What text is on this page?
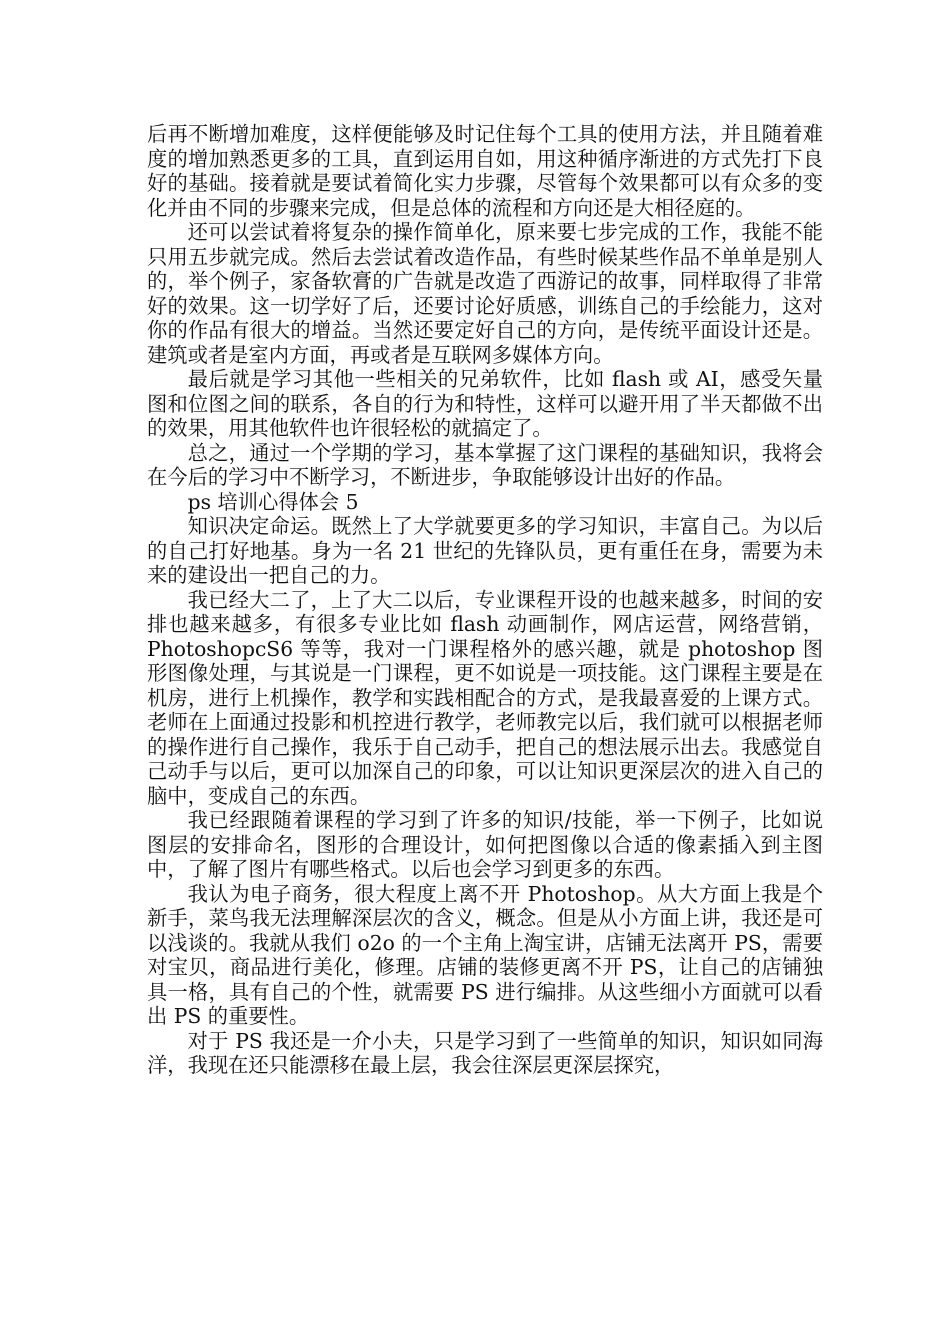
后再不断增加难度，这样便能够及时记住每个工具的使用方法，并且随着难度的增加熟悉更多的工具，直到运用自如，用这种循序渐进的方式先打下良好的基础。接着就是要试着简化实力步骤，尽管每个效果都可以有众多的变化并由不同的步骤来完成，但是总体的流程和方向还是大相径庭的。

还可以尝试着将复杂的操作简单化，原来要七步完成的工作，我能不能只用五步就完成。然后去尝试着改造作品，有些时候某些作品不单单是别人的，举个例子，家备软膏的广告就是改造了西游记的故事，同样取得了非常好的效果。这一切学好了后，还要讨论好质感，训练自己的手绘能力，这对你的作品有很大的增益。当然还要定好自己的方向，是传统平面设计还是。建筑或者是室内方面，再或者是互联网多媒体方向。

最后就是学习其他一些相关的兄弟软件，比如 flash 或 AI，感受矢量图和位图之间的联系，各自的行为和特性，这样可以避开用了半天都做不出的效果，用其他软件也许很轻松的就搞定了。

总之，通过一个学期的学习，基本掌握了这门课程的基础知识，我将会在今后的学习中不断学习，不断进步，争取能够设计出好的作品。

ps 培训心得体会 5

知识决定命运。既然上了大学就要更多的学习知识，丰富自己。为以后的自己打好地基。身为一名 21 世纪的先锋队员，更有重任在身，需要为未来的建设出一把自己的力。

我已经大二了，上了大二以后，专业课程开设的也越来越多，时间的安排也越来越多，有很多专业比如 flash 动画制作，网店运营，网络营销，PhotoshopcS6 等等，我对一门课程格外的感兴趣，就是 photoshop 图形图像处理，与其说是一门课程，更不如说是一项技能。这门课程主要是在机房，进行上机操作，教学和实践相配合的方式，是我最喜爱的上课方式。老师在上面通过投影和机控进行教学，老师教完以后，我们就可以根据老师的操作进行自己操作，我乐于自己动手，把自己的想法展示出去。我感觉自己动手与以后，更可以加深自己的印象，可以让知识更深层次的进入自己的脑中，变成自己的东西。

我已经跟随着课程的学习到了许多的知识/技能，举一下例子，比如说图层的安排命名，图形的合理设计，如何把图像以合适的像素插入到主图中，了解了图片有哪些格式。以后也会学习到更多的东西。

我认为电子商务，很大程度上离不开 Photoshop。从大方面上我是个新手，菜鸟我无法理解深层次的含义，概念。但是从小方面上讲，我还是可以浅谈的。我就从我们 o2o 的一个主角上淘宝讲，店铺无法离开 PS，需要对宝贝，商品进行美化，修理。店铺的装修更离不开 PS，让自己的店铺独具一格，具有自己的个性，就需要 PS 进行编排。从这些细小方面就可以看出 PS 的重要性。

对于 PS 我还是一介小夫，只是学习到了一些简单的知识，知识如同海洋，我现在还只能漂移在最上层，我会往深层更深层探究，
